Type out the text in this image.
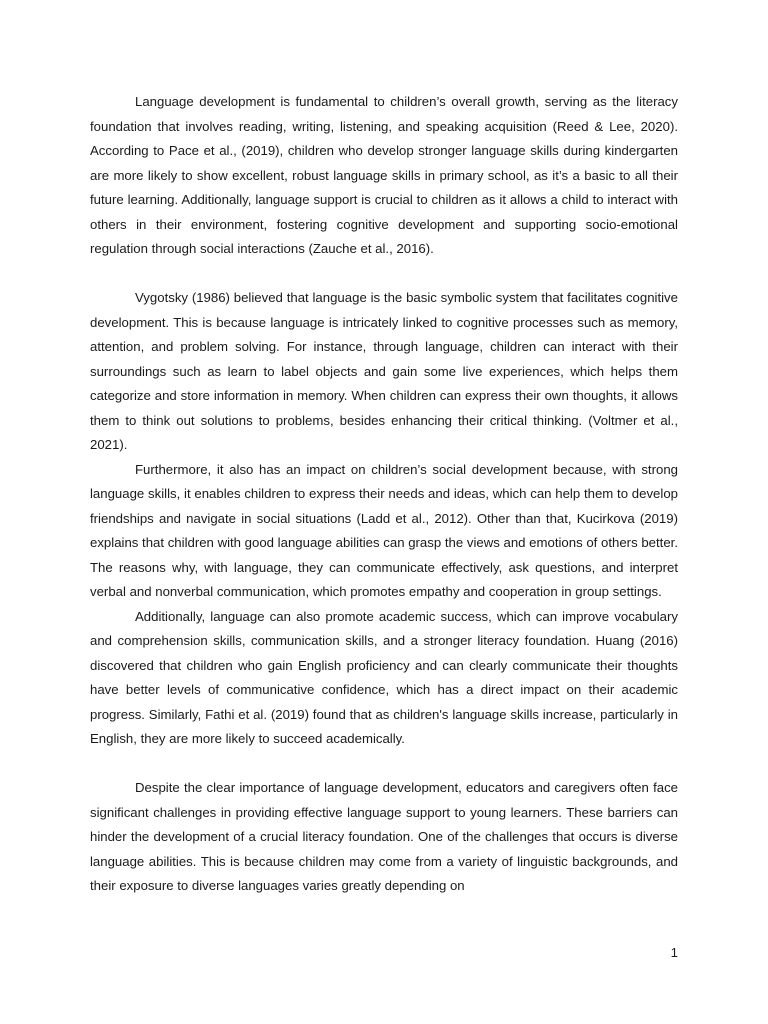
Language development is fundamental to children’s overall growth, serving as the literacy foundation that involves reading, writing, listening, and speaking acquisition (Reed & Lee, 2020). According to Pace et al., (2019), children who develop stronger language skills during kindergarten are more likely to show excellent, robust language skills in primary school, as it’s a basic to all their future learning. Additionally, language support is crucial to children as it allows a child to interact with others in their environment, fostering cognitive development and supporting socio-emotional regulation through social interactions (Zauche et al., 2016).

Vygotsky (1986) believed that language is the basic symbolic system that facilitates cognitive development. This is because language is intricately linked to cognitive processes such as memory, attention, and problem solving. For instance, through language, children can interact with their surroundings such as learn to label objects and gain some live experiences, which helps them categorize and store information in memory. When children can express their own thoughts, it allows them to think out solutions to problems, besides enhancing their critical thinking. (Voltmer et al., 2021).

Furthermore, it also has an impact on children’s social development because, with strong language skills, it enables children to express their needs and ideas, which can help them to develop friendships and navigate in social situations (Ladd et al., 2012). Other than that, Kucirkova (2019) explains that children with good language abilities can grasp the views and emotions of others better. The reasons why, with language, they can communicate effectively, ask questions, and interpret verbal and nonverbal communication, which promotes empathy and cooperation in group settings.

Additionally, language can also promote academic success, which can improve vocabulary and comprehension skills, communication skills, and a stronger literacy foundation. Huang (2016) discovered that children who gain English proficiency and can clearly communicate their thoughts have better levels of communicative confidence, which has a direct impact on their academic progress. Similarly, Fathi et al. (2019) found that as children's language skills increase, particularly in English, they are more likely to succeed academically.

Despite the clear importance of language development, educators and caregivers often face significant challenges in providing effective language support to young learners. These barriers can hinder the development of a crucial literacy foundation. One of the challenges that occurs is diverse language abilities. This is because children may come from a variety of linguistic backgrounds, and their exposure to diverse languages varies greatly depending on

1
